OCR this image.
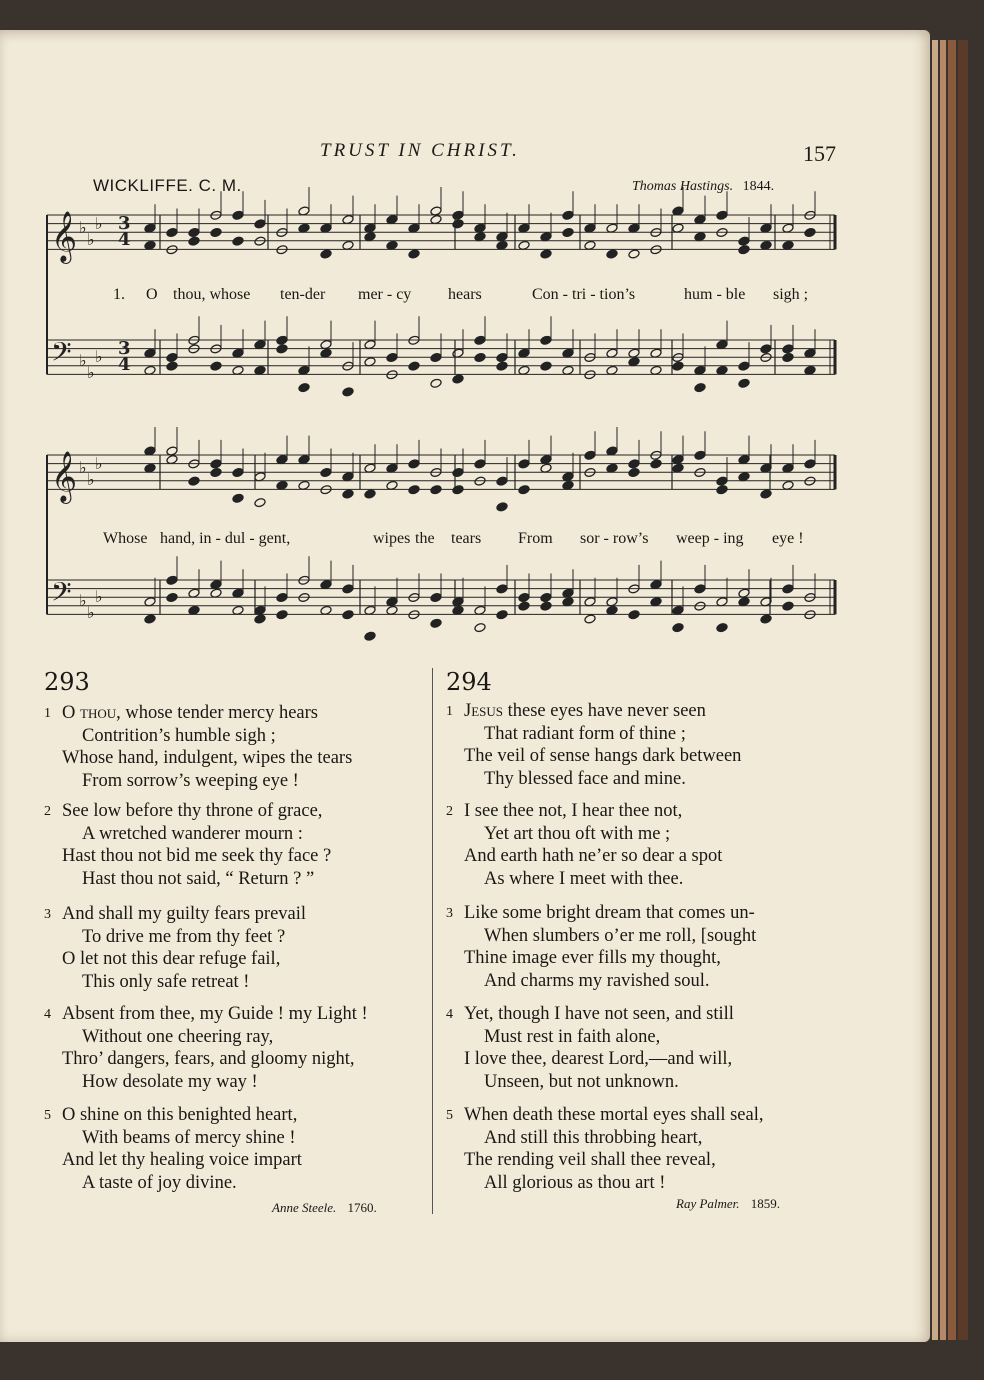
TRUST IN CHRIST.	157
WICKLIFFE. C. M.	Thomas Hastings. 1844.
𝄞
𝄢
♭
♭
♭
♭
♭
♭
3
3
4
4
𝄞
𝄢
♭
♭
♭
♭
♭
♭
1. O thou, whose ten-der mer - cy hears	Con - tri - tion’s	hum - ble sigh ;
Whose hand, in - dul - gent,	wipes the tears From sor - row’s weep - ing eye !
293	294
1 O thou, whose tender mercy hears
Contrition’s humble sigh ;
Whose hand, indulgent, wipes the tears
From sorrow’s weeping eye !
2 See low before thy throne of grace,
A wretched wanderer mourn :
Hast thou not bid me seek thy face ?
Hast thou not said, “ Return ? ”
3 And shall my guilty fears prevail
To drive me from thy feet ?
O let not this dear refuge fail,
This only safe retreat !
4 Absent from thee, my Guide ! my Light !
Without one cheering ray,
Thro’ dangers, fears, and gloomy night,
How desolate my way !
5 O shine on this benighted heart,
With beams of mercy shine !
And let thy healing voice impart
A taste of joy divine.
1 Jesus these eyes have never seen
That radiant form of thine ;
The veil of sense hangs dark between
Thy blessed face and mine.
2 I see thee not, I hear thee not,
Yet art thou oft with me ;
And earth hath ne’er so dear a spot
As where I meet with thee.
3 Like some bright dream that comes un-
When slumbers o’er me roll, [sought
Thine image ever fills my thought,
And charms my ravished soul.
4 Yet, though I have not seen, and still
Must rest in faith alone,
I love thee, dearest Lord,—and will,
Unseen, but not unknown.
5 When death these mortal eyes shall seal,
And still this throbbing heart,
The rending veil shall thee reveal,
All glorious as thou art !
Anne Steele. 1760.	Ray Palmer. 1859.
